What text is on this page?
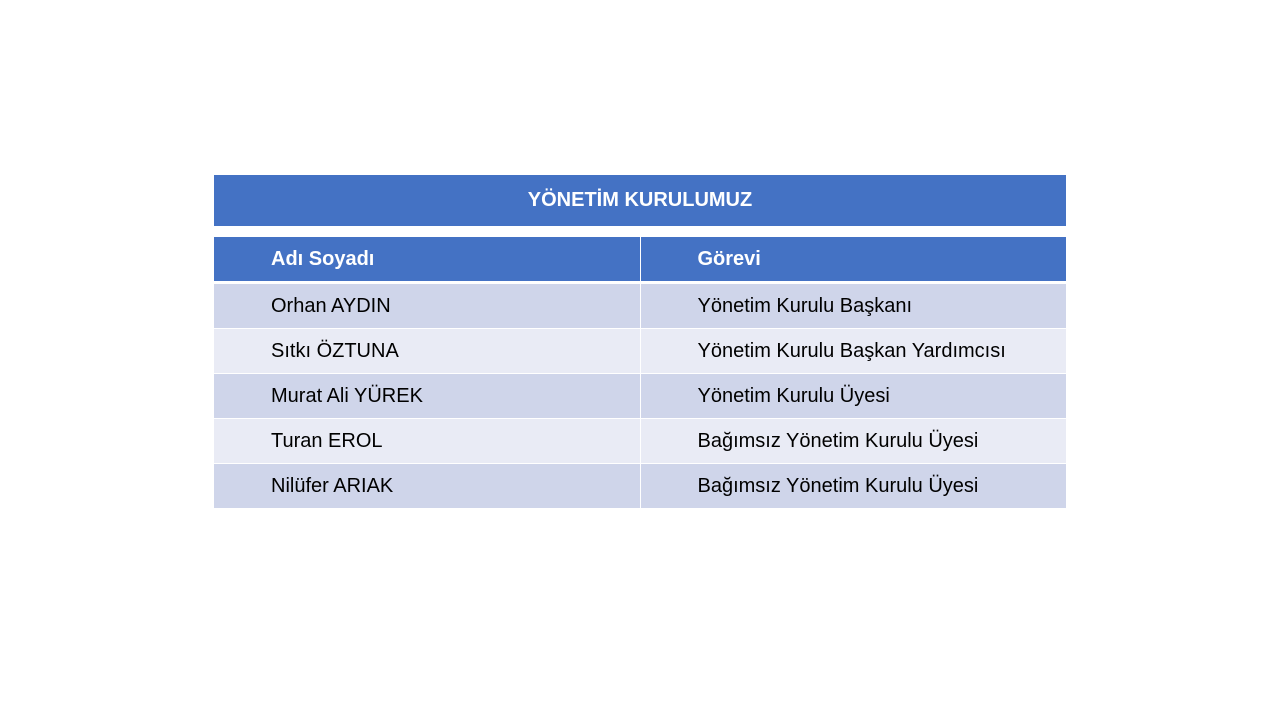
YÖNETİM KURULUMUZ
Adı Soyadı	Görevi
Orhan AYDIN	Yönetim Kurulu Başkanı
Sıtkı ÖZTUNA	Yönetim Kurulu Başkan Yardımcısı
Murat Ali YÜREK	Yönetim Kurulu Üyesi
Turan EROL	Bağımsız Yönetim Kurulu Üyesi
Nilüfer ARIAK	Bağımsız Yönetim Kurulu Üyesi
